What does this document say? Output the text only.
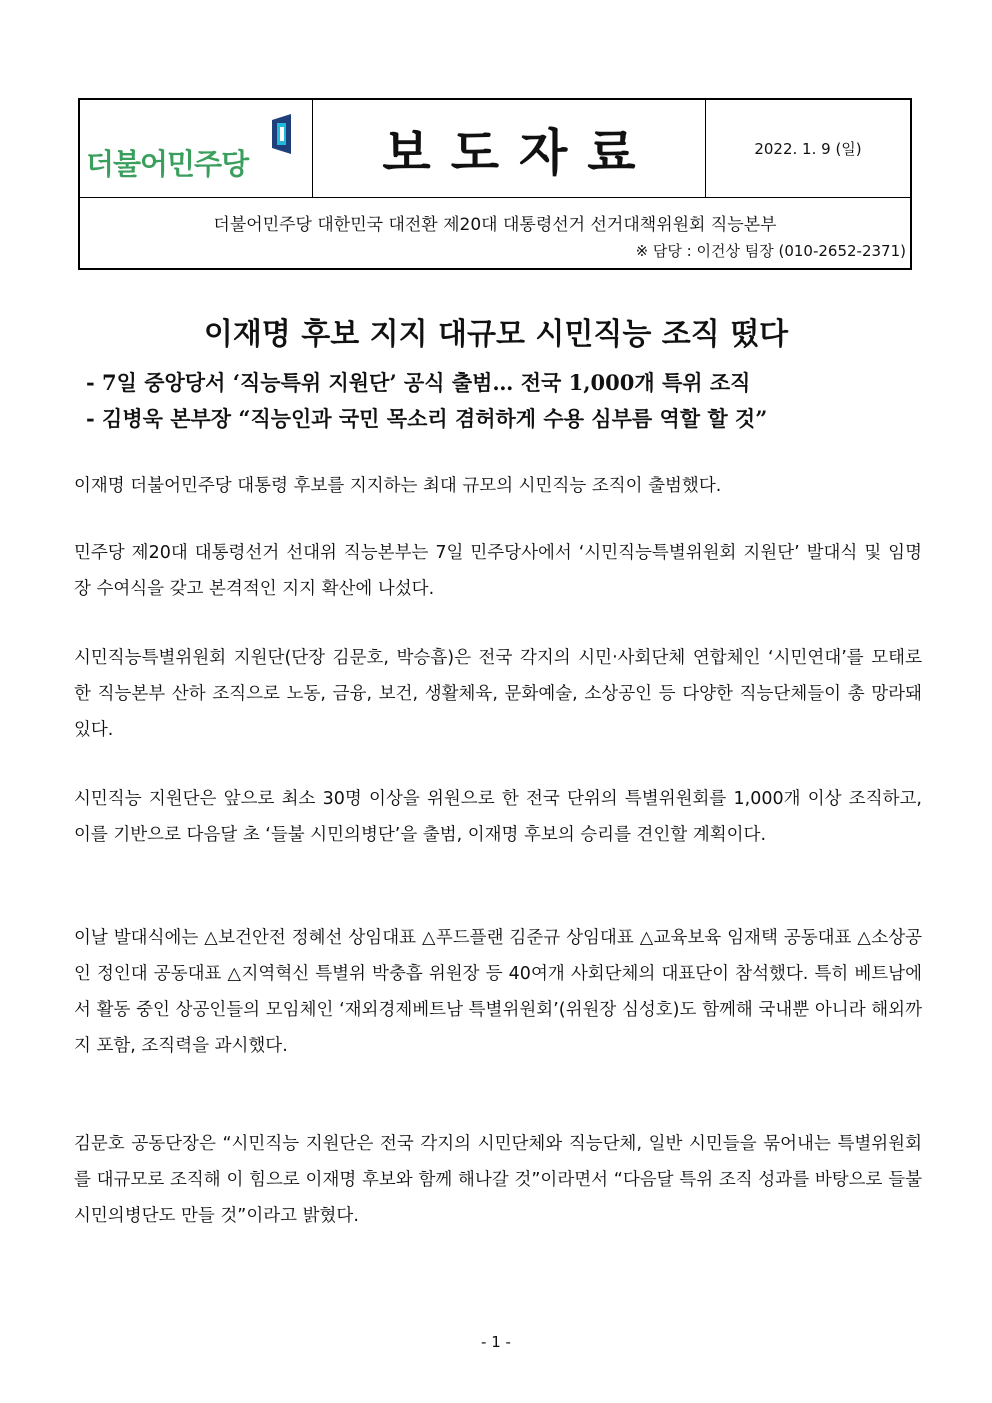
더불어민주당	보도자료	2022. 1. 9 (일)
더불어민주당 대한민국 대전환 제20대 대통령선거 선거대책위원회 직능본부
※ 담당 : 이건상 팀장 (010-2652-2371)
이재명 후보 지지 대규모 시민직능 조직 떴다
- 7일 중앙당서 ‘직능특위 지원단’ 공식 출범… 전국 1,000개 특위 조직
- 김병욱 본부장 “직능인과 국민 목소리 겸허하게 수용 심부름 역할 할 것”

이재명 더불어민주당 대통령 후보를 지지하는 최대 규모의 시민직능 조직이 출범했다.

민주당 제20대 대통령선거 선대위 직능본부는 7일 민주당사에서 ‘시민직능특별위원회 지원단’ 발대식 및 임명장 수여식을 갖고 본격적인 지지 확산에 나섰다.

시민직능특별위원회 지원단(단장 김문호, 박승흡)은 전국 각지의 시민‧사회단체 연합체인 ‘시민연대’를 모태로 한 직능본부 산하 조직으로 노동, 금융, 보건, 생활체육, 문화예술, 소상공인 등 다양한 직능단체들이 총 망라돼 있다.

시민직능 지원단은 앞으로 최소 30명 이상을 위원으로 한 전국 단위의 특별위원회를 1,000개 이상 조직하고, 이를 기반으로 다음달 초 ‘들불 시민의병단’을 출범, 이재명 후보의 승리를 견인할 계획이다.

이날 발대식에는 △보건안전 정혜선 상임대표 △푸드플랜 김준규 상임대표 △교육보육 임재택 공동대표 △소상공인 정인대 공동대표 △지역혁신 특별위 박충흡 위원장 등 40여개 사회단체의 대표단이 참석했다. 특히 베트남에서 활동 중인 상공인들의 모임체인 ‘재외경제베트남 특별위원회’(위원장 심성호)도 함께해 국내뿐 아니라 해외까지 포함, 조직력을 과시했다.

김문호 공동단장은 “시민직능 지원단은 전국 각지의 시민단체와 직능단체, 일반 시민들을 묶어내는 특별위원회를 대규모로 조직해 이 힘으로 이재명 후보와 함께 해나갈 것”이라면서 “다음달 특위 조직 성과를 바탕으로 들불 시민의병단도 만들 것”이라고 밝혔다.

- 1 -
